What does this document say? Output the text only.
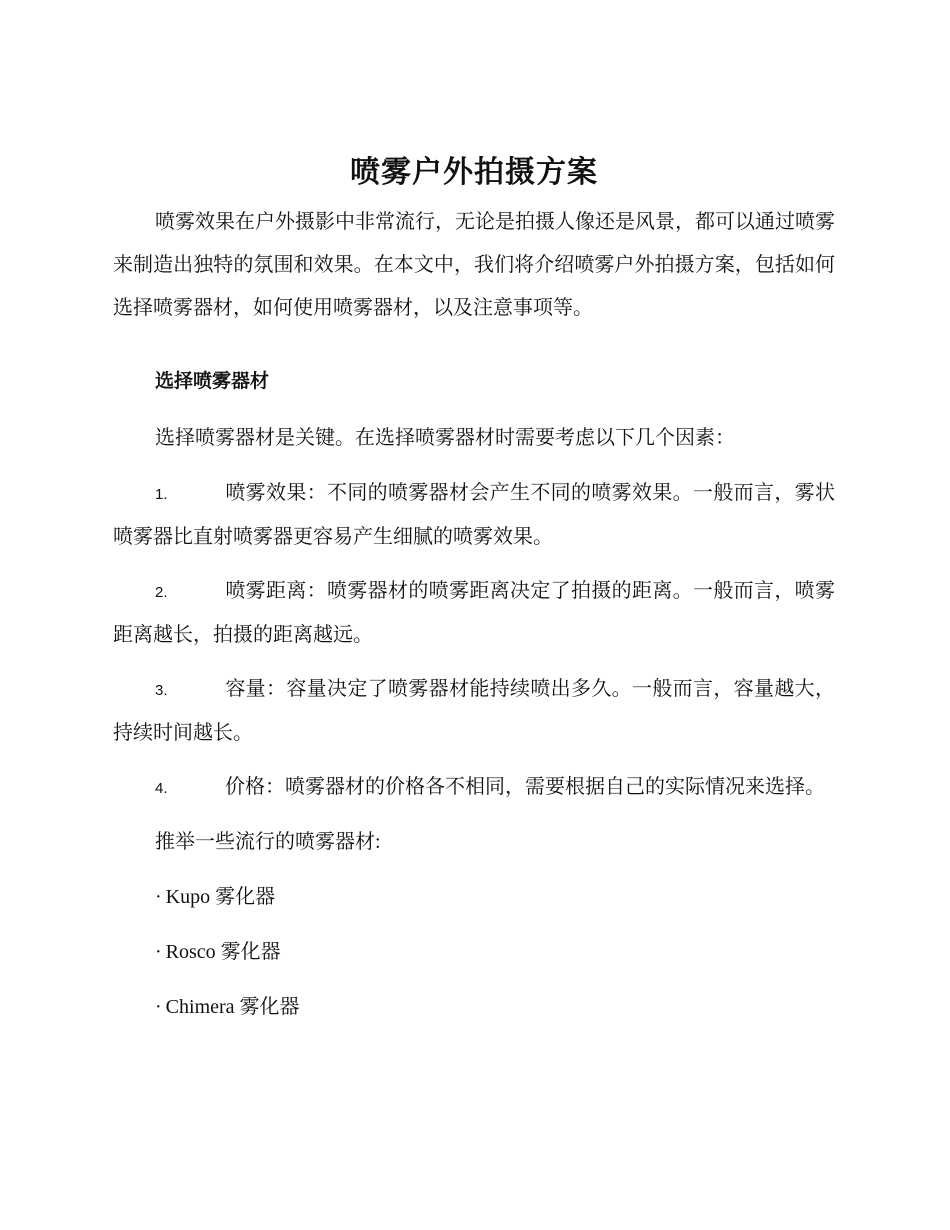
喷雾户外拍摄方案

喷雾效果在户外摄影中非常流行，无论是拍摄人像还是风景，都可以通过喷雾来制造出独特的氛围和效果。在本文中，我们将介绍喷雾户外拍摄方案，包括如何选择喷雾器材，如何使用喷雾器材，以及注意事项等。

选择喷雾器材

选择喷雾器材是关键。在选择喷雾器材时需要考虑以下几个因素：

1.	喷雾效果：不同的喷雾器材会产生不同的喷雾效果。一般而言，雾状喷雾器比直射喷雾器更容易产生细腻的喷雾效果。

2.	喷雾距离：喷雾器材的喷雾距离决定了拍摄的距离。一般而言，喷雾距离越长，拍摄的距离越远。

3.	容量：容量决定了喷雾器材能持续喷出多久。一般而言，容量越大，持续时间越长。

4.	价格：喷雾器材的价格各不相同，需要根据自己的实际情况来选择。

推举一些流行的喷雾器材:

· Kupo 雾化器

· Rosco 雾化器

· Chimera 雾化器
